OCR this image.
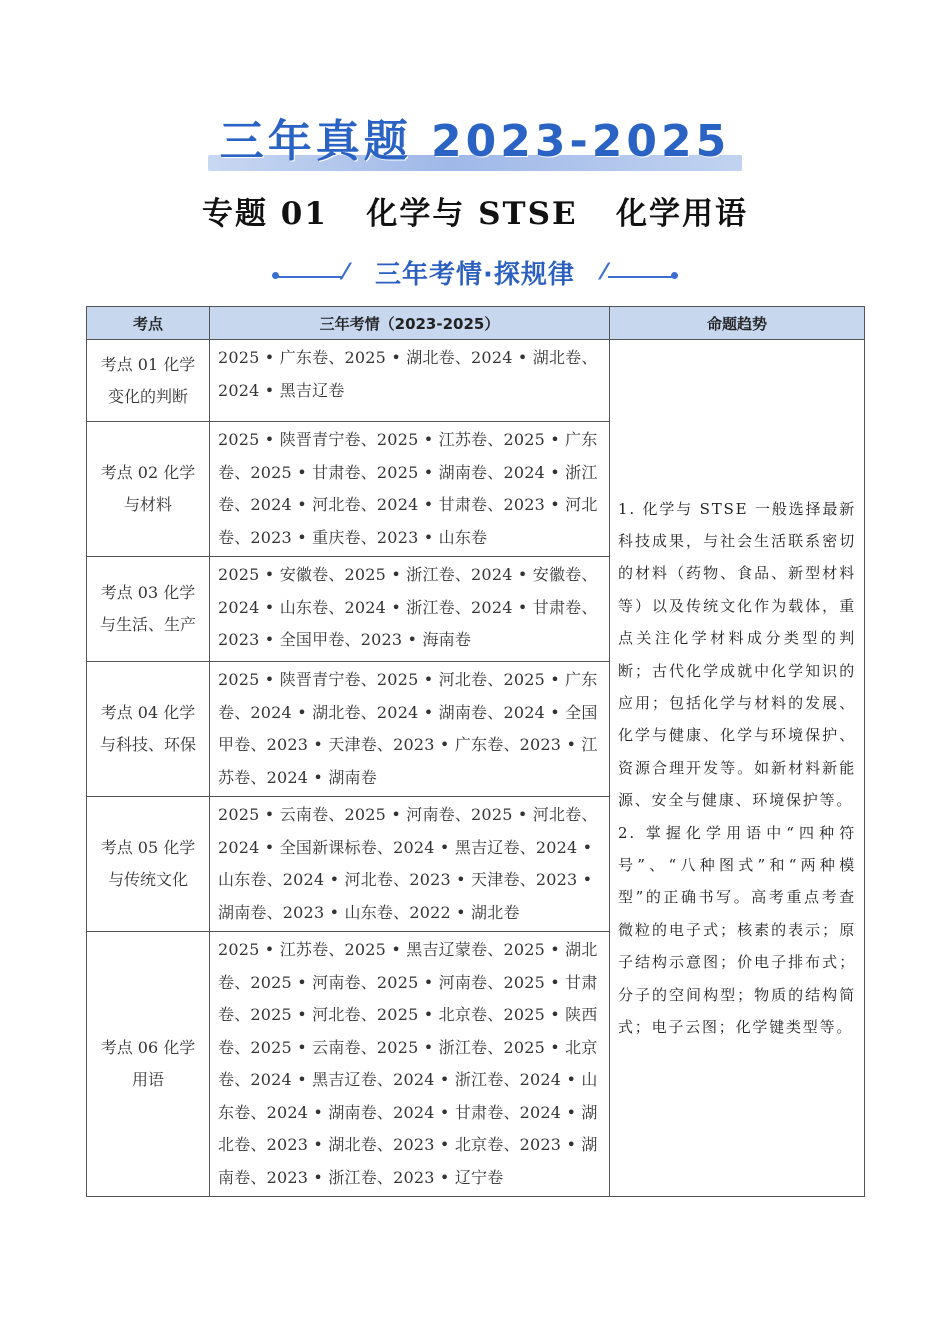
三年真题 2023-2025
专题 01   化学与 STSE   化学用语
⁄	三年考情·探规律	⁄
考点	三年考情（2023-2025）	命题趋势
考点 01 化学变化的判断	2025 • 广东卷、2025 • 湖北卷、2024 • 湖北卷、2024 • 黑吉辽卷	1. 化学与 STSE 一般选择最新科技成果，与社会生活联系密切的材料（药物、食品、新型材料等）以及传统文化作为载体，重点关注化学材料成分类型的判断；古代化学成就中化学知识的应用；包括化学与材料的发展、化学与健康、化学与环境保护、资源合理开发等。如新材料新能源、安全与健康、环境保护等。

2. 掌握化学用语中“四种符号”、“八种图式”和“两种模型”的正确书写。高考重点考查微粒的电子式；核素的表示；原子结构示意图；价电子排布式；分子的空间构型；物质的结构简式；电子云图；化学键类型等。

考点 02 化学与材料	2025 • 陕晋青宁卷、2025 • 江苏卷、2025 • 广东卷、2025 • 甘肃卷、2025 • 湖南卷、2024 • 浙江卷、2024 • 河北卷、2024 • 甘肃卷、2023 • 河北卷、2023 • 重庆卷、2023 • 山东卷	
考点 03 化学与生活、生产	2025 • 安徽卷、2025 • 浙江卷、2024 • 安徽卷、2024 • 山东卷、2024 • 浙江卷、2024 • 甘肃卷、2023 • 全国甲卷、2023 • 海南卷	
考点 04 化学与科技、环保	2025 • 陕晋青宁卷、2025 • 河北卷、2025 • 广东卷、2024 • 湖北卷、2024 • 湖南卷、2024 • 全国甲卷、2023 • 天津卷、2023 • 广东卷、2023 • 江苏卷、2024 • 湖南卷	
考点 05 化学与传统文化	2025 • 云南卷、2025 • 河南卷、2025 • 河北卷、2024 • 全国新课标卷、2024 • 黑吉辽卷、2024 • 山东卷、2024 • 河北卷、2023 • 天津卷、2023 • 湖南卷、2023 • 山东卷、2022 • 湖北卷	
考点 06 化学用语	2025 • 江苏卷、2025 • 黑吉辽蒙卷、2025 • 湖北卷、2025 • 河南卷、2025 • 河南卷、2025 • 甘肃卷、2025 • 河北卷、2025 • 北京卷、2025 • 陕西卷、2025 • 云南卷、2025 • 浙江卷、2025 • 北京卷、2024 • 黑吉辽卷、2024 • 浙江卷、2024 • 山东卷、2024 • 湖南卷、2024 • 甘肃卷、2024 • 湖北卷、2023 • 湖北卷、2023 • 北京卷、2023 • 湖南卷、2023 • 浙江卷、2023 • 辽宁卷	
